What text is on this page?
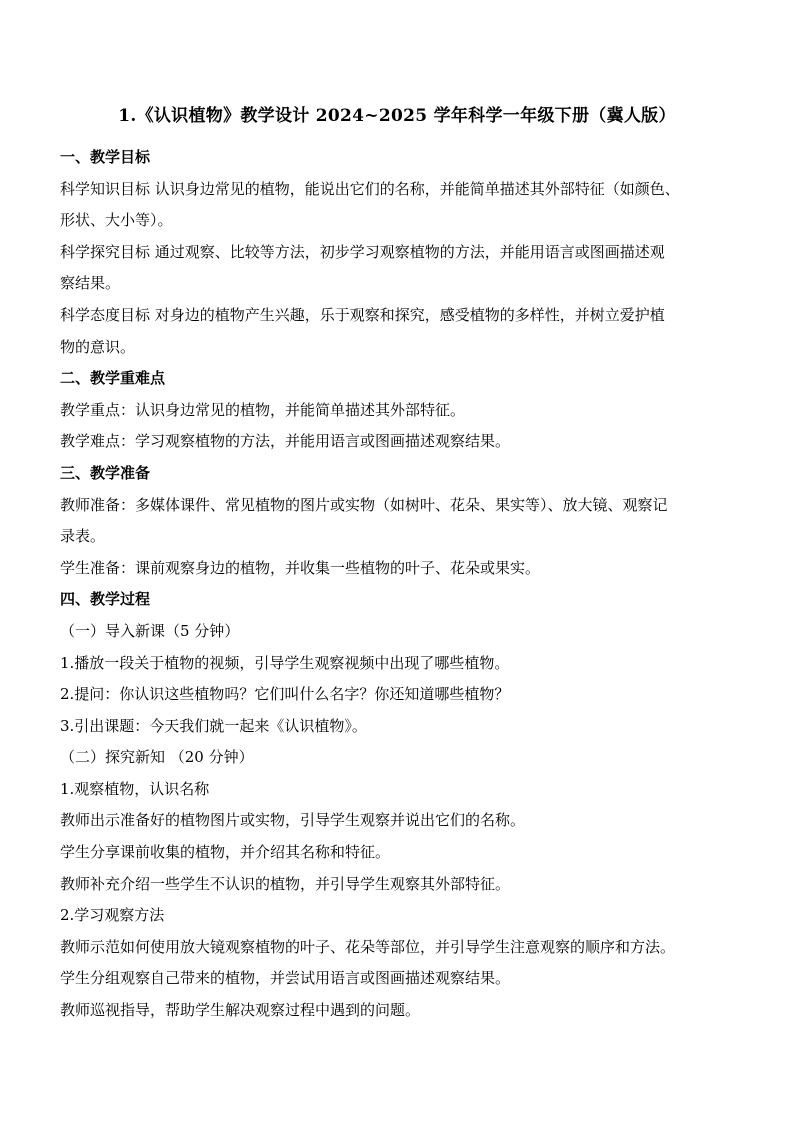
1.《认识植物》教学设计 2024~2025 学年科学一年级下册（冀人版）

一、教学目标

科学知识目标 认识身边常见的植物，能说出它们的名称，并能简单描述其外部特征（如颜色、

形状、大小等）。

科学探究目标 通过观察、比较等方法，初步学习观察植物的方法，并能用语言或图画描述观

察结果。

科学态度目标 对身边的植物产生兴趣，乐于观察和探究，感受植物的多样性，并树立爱护植

物的意识。

二、教学重难点

教学重点：认识身边常见的植物，并能简单描述其外部特征。

教学难点：学习观察植物的方法，并能用语言或图画描述观察结果。

三、教学准备

教师准备：多媒体课件、常见植物的图片或实物（如树叶、花朵、果实等）、放大镜、观察记

录表。

学生准备：课前观察身边的植物，并收集一些植物的叶子、花朵或果实。

四、教学过程

（一）导入新课（5 分钟）

1.播放一段关于植物的视频，引导学生观察视频中出现了哪些植物。

2.提问：你认识这些植物吗？它们叫什么名字？你还知道哪些植物？

3.引出课题：今天我们就一起来《认识植物》。

（二）探究新知 （20 分钟）

1.观察植物，认识名称

教师出示准备好的植物图片或实物，引导学生观察并说出它们的名称。

学生分享课前收集的植物，并介绍其名称和特征。

教师补充介绍一些学生不认识的植物，并引导学生观察其外部特征。

2.学习观察方法

教师示范如何使用放大镜观察植物的叶子、花朵等部位，并引导学生注意观察的顺序和方法。

学生分组观察自己带来的植物，并尝试用语言或图画描述观察结果。

教师巡视指导，帮助学生解决观察过程中遇到的问题。
